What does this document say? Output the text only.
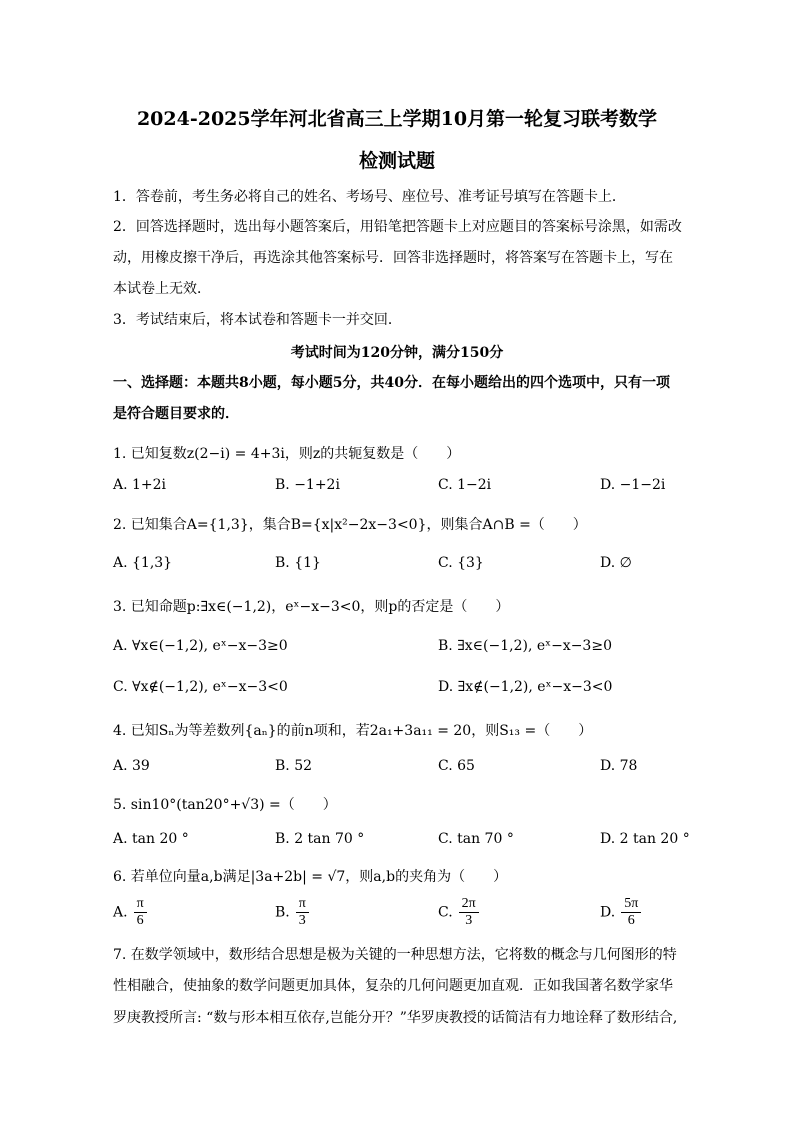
2024-2025学年河北省高三上学期10月第一轮复习联考数学
检测试题
1．答卷前，考生务必将自己的姓名、考场号、座位号、准考证号填写在答题卡上．
2．回答选择题时，选出每小题答案后，用铅笔把答题卡上对应题目的答案标号涂黑，如需改
动，用橡皮擦干净后，再选涂其他答案标号．回答非选择题时，将答案写在答题卡上，写在
本试卷上无效．
3．考试结束后，将本试卷和答题卡一并交回．
考试时间为120分钟，满分150分
一、选择题：本题共8小题，每小题5分，共40分．在每小题给出的四个选项中，只有一项
是符合题目要求的．
1. 已知复数z(2−i) = 4+3i，则z的共轭复数是（　　）
A. 1+2i	B. −1+2i	C. 1−2i	D. −1−2i
2. 已知集合A={1,3}，集合B={x|x²−2x−3<0}，则集合A∩B =（　　）
A. {1,3}	B. {1}	C. {3}	D. ∅
3. 已知命题p:∃x∈(−1,2)，eˣ−x−3<0，则p的否定是（　　）
A. ∀x∈(−1,2), eˣ−x−3≥0	B. ∃x∈(−1,2), eˣ−x−3≥0
C. ∀x∉(−1,2), eˣ−x−3<0	D. ∃x∉(−1,2), eˣ−x−3<0
4. 已知Sₙ为等差数列{aₙ}的前n项和，若2a₁+3a₁₁ = 20，则S₁₃ =（　　）
A. 39	B. 52	C. 65	D. 78
5. sin10°(tan20°+√3) =（　　）
A. tan 20 °	B. 2 tan 70 °	C. tan 70 °	D. 2 tan 20 °
6. 若单位向量a,b满足|3a+2b| = √7，则a,b的夹角为（　　）
A. $\frac{\pi}{6}$	B. $\frac{\pi}{3}$	C. $\frac{2\pi}{3}$	D. $\frac{5\pi}{6}$
7. 在数学领域中，数形结合思想是极为关键的一种思想方法，它将数的概念与几何图形的特
性相融合，使抽象的数学问题更加具体，复杂的几何问题更加直观．正如我国著名数学家华
罗庚教授所言: “数与形本相互依存,岂能分开？”华罗庚教授的话简洁有力地诠释了数形结合,
